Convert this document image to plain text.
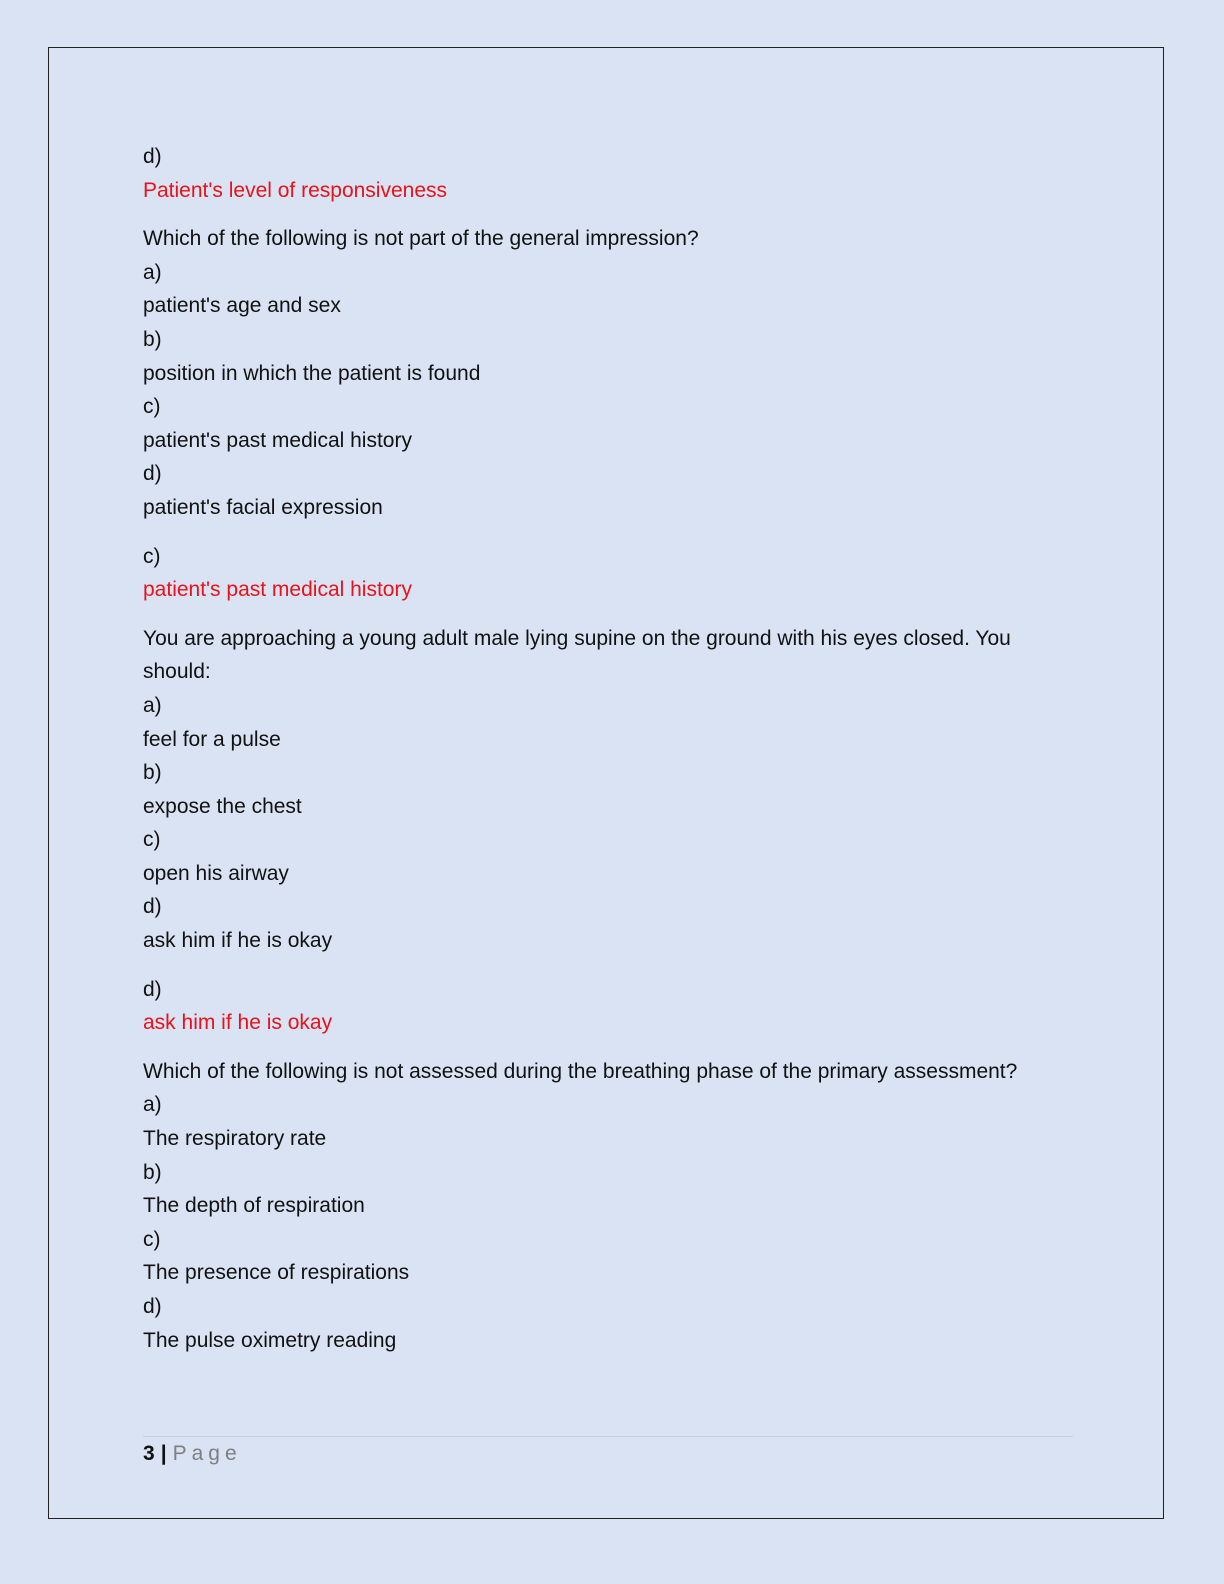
d)
Patient's level of responsiveness
Which of the following is not part of the general impression?
a)
patient's age and sex
b)
position in which the patient is found
c)
patient's past medical history
d)
patient's facial expression
c)
patient's past medical history
You are approaching a young adult male lying supine on the ground with his eyes closed. You
should:
a)
feel for a pulse
b)
expose the chest
c)
open his airway
d)
ask him if he is okay
d)
ask him if he is okay
Which of the following is not assessed during the breathing phase of the primary assessment?
a)
The respiratory rate
b)
The depth of respiration
c)
The presence of respirations
d)
The pulse oximetry reading
3 | Page
